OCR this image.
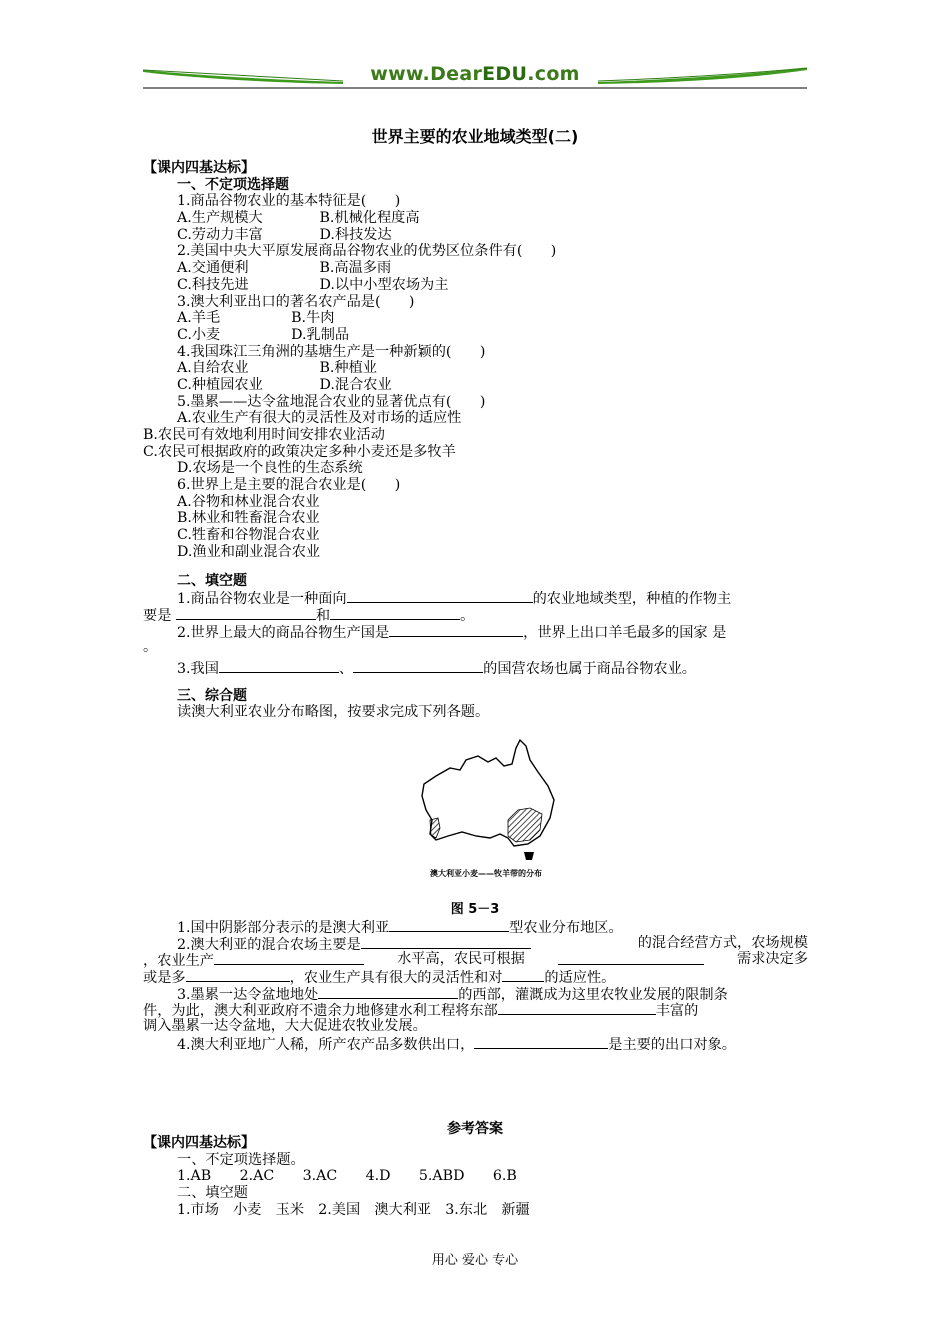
www.DearEDU.com
世界主要的农业地域类型(二)
【课内四基达标】
一、不定项选择题
1.商品谷物农业的基本特征是(　　)
A.生产规模大　　　　B.机械化程度高
C.劳动力丰富　　　　D.科技发达
2.美国中央大平原发展商品谷物农业的优势区位条件有(　　)
A.交通便利　　　　　B.高温多雨
C.科技先进　　　　　D.以中小型农场为主
3.澳大利亚出口的著名农产品是(　　)
A.羊毛　　　　　B.牛肉
C.小麦　　　　　D.乳制品
4.我国珠江三角洲的基塘生产是一种新颖的(　　)
A.自给农业　　　　　B.种植业
C.种植园农业　　　　D.混合农业
5.墨累——达令盆地混合农业的显著优点有(　　)
A.农业生产有很大的灵活性及对市场的适应性
B.农民可有效地利用时间安排农业活动
C.农民可根据政府的政策决定多种小麦还是多牧羊
D.农场是一个良性的生态系统
6.世界上是主要的混合农业是(　　)
A.谷物和林业混合农业
B.林业和牲畜混合农业
C.牲畜和谷物混合农业
D.渔业和副业混合农业
二、填空题
1.商品谷物农业是一种面向	的农业地域类型，种植的作物主
要是	和	。
2.世界上最大的商品谷物生产国是	，世界上出口羊毛最多的国家 是
。
3.我国	、	的国营农场也属于商品谷物农业。
三、综合题
读澳大利亚农业分布略图，按要求完成下列各题。
澳大利亚小麦——牧羊带的分布
图 5－3
1.国中阴影部分表示的是澳大利亚	型农业分布地区。
2.澳大利亚的混合农场主要是	的混合经营方式，农场规模
，农业生产	水平高，农民可根据	需求决定多
或是多	，农业生产具有很大的灵活性和对	的适应性。
3.墨累一达令盆地地处	的西部，灌溉成为这里农牧业发展的限制条
件，为此，澳大利亚政府不遗余力地修建水利工程将东部	丰富的
调入墨累一达令盆地，大大促进农牧业发展。
4.澳大利亚地广人稀，所产农产品多数供出口，	是主要的出口对象。
参考答案
【课内四基达标】
一、不定项选择题。
1.AB　　2.AC　　3.AC　　4.D　　5.ABD　　6.B
二、填空题
1.市场　小麦　玉米　2.美国　澳大利亚　3.东北　新疆
用心 爱心 专心
